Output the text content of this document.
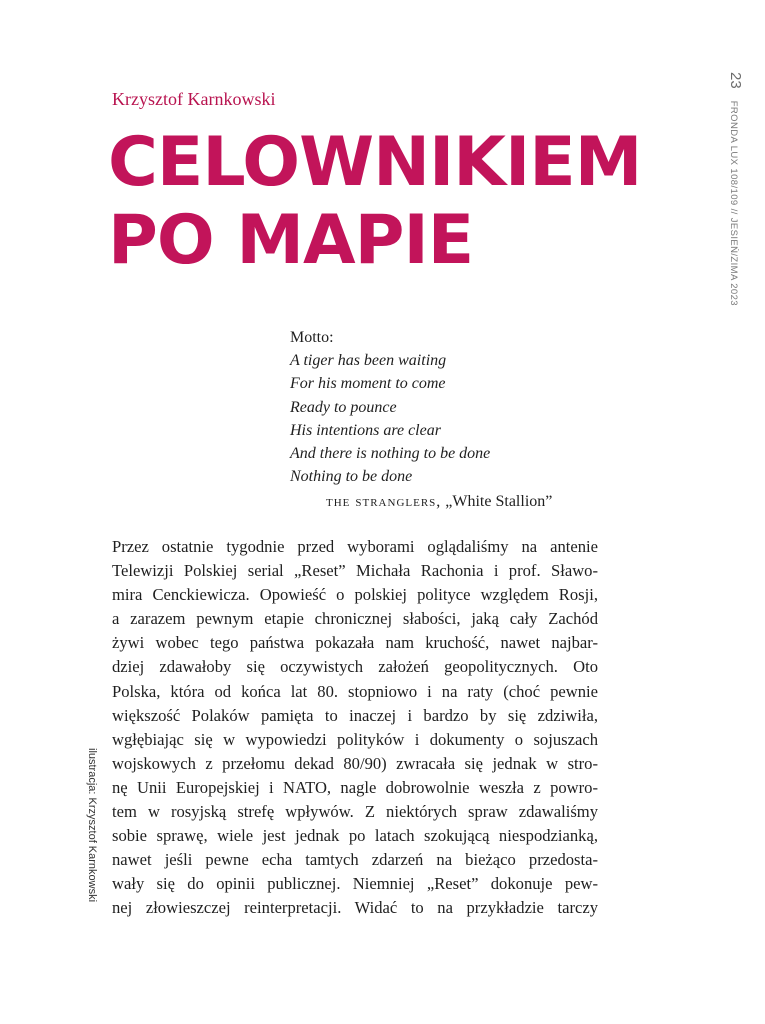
Krzysztof Karnkowski
CELOWNIKIEM
PO MAPIE
23
FRONDA LUX 108/109 // JESIEŃ/ZIMA 2023
Motto:
A tiger has been waiting
For his moment to come
Ready to pounce
His intentions are clear
And there is nothing to be done
Nothing to be done
the stranglers, „White Stallion”
Przez ostatnie tygodnie przed wyborami oglądaliśmy na antenie
Telewizji Polskiej serial „Reset” Michała Rachonia i prof. Sławo-
mira Cenckiewicza. Opowieść o polskiej polityce względem Rosji,
a zarazem pewnym etapie chronicznej słabości, jaką cały Zachód
żywi wobec tego państwa pokazała nam kruchość, nawet najbar-
dziej zdawałoby się oczywistych założeń geopolitycznych. Oto
Polska, która od końca lat 80. stopniowo i na raty (choć pewnie
większość Polaków pamięta to inaczej i bardzo by się zdziwiła,
wgłębiając się w wypowiedzi polityków i dokumenty o sojuszach
wojskowych z przełomu dekad 80/90) zwracała się jednak w stro-
nę Unii Europejskiej i NATO, nagle dobrowolnie weszła z powro-
tem w rosyjską strefę wpływów. Z niektórych spraw zdawaliśmy
sobie sprawę, wiele jest jednak po latach szokującą niespodzianką,
nawet jeśli pewne echa tamtych zdarzeń na bieżąco przedosta-
wały się do opinii publicznej. Niemniej „Reset” dokonuje pew-
nej złowieszczej reinterpretacji. Widać to na przykładzie tarczy
ilustracja: Krzysztof Karnkowski
